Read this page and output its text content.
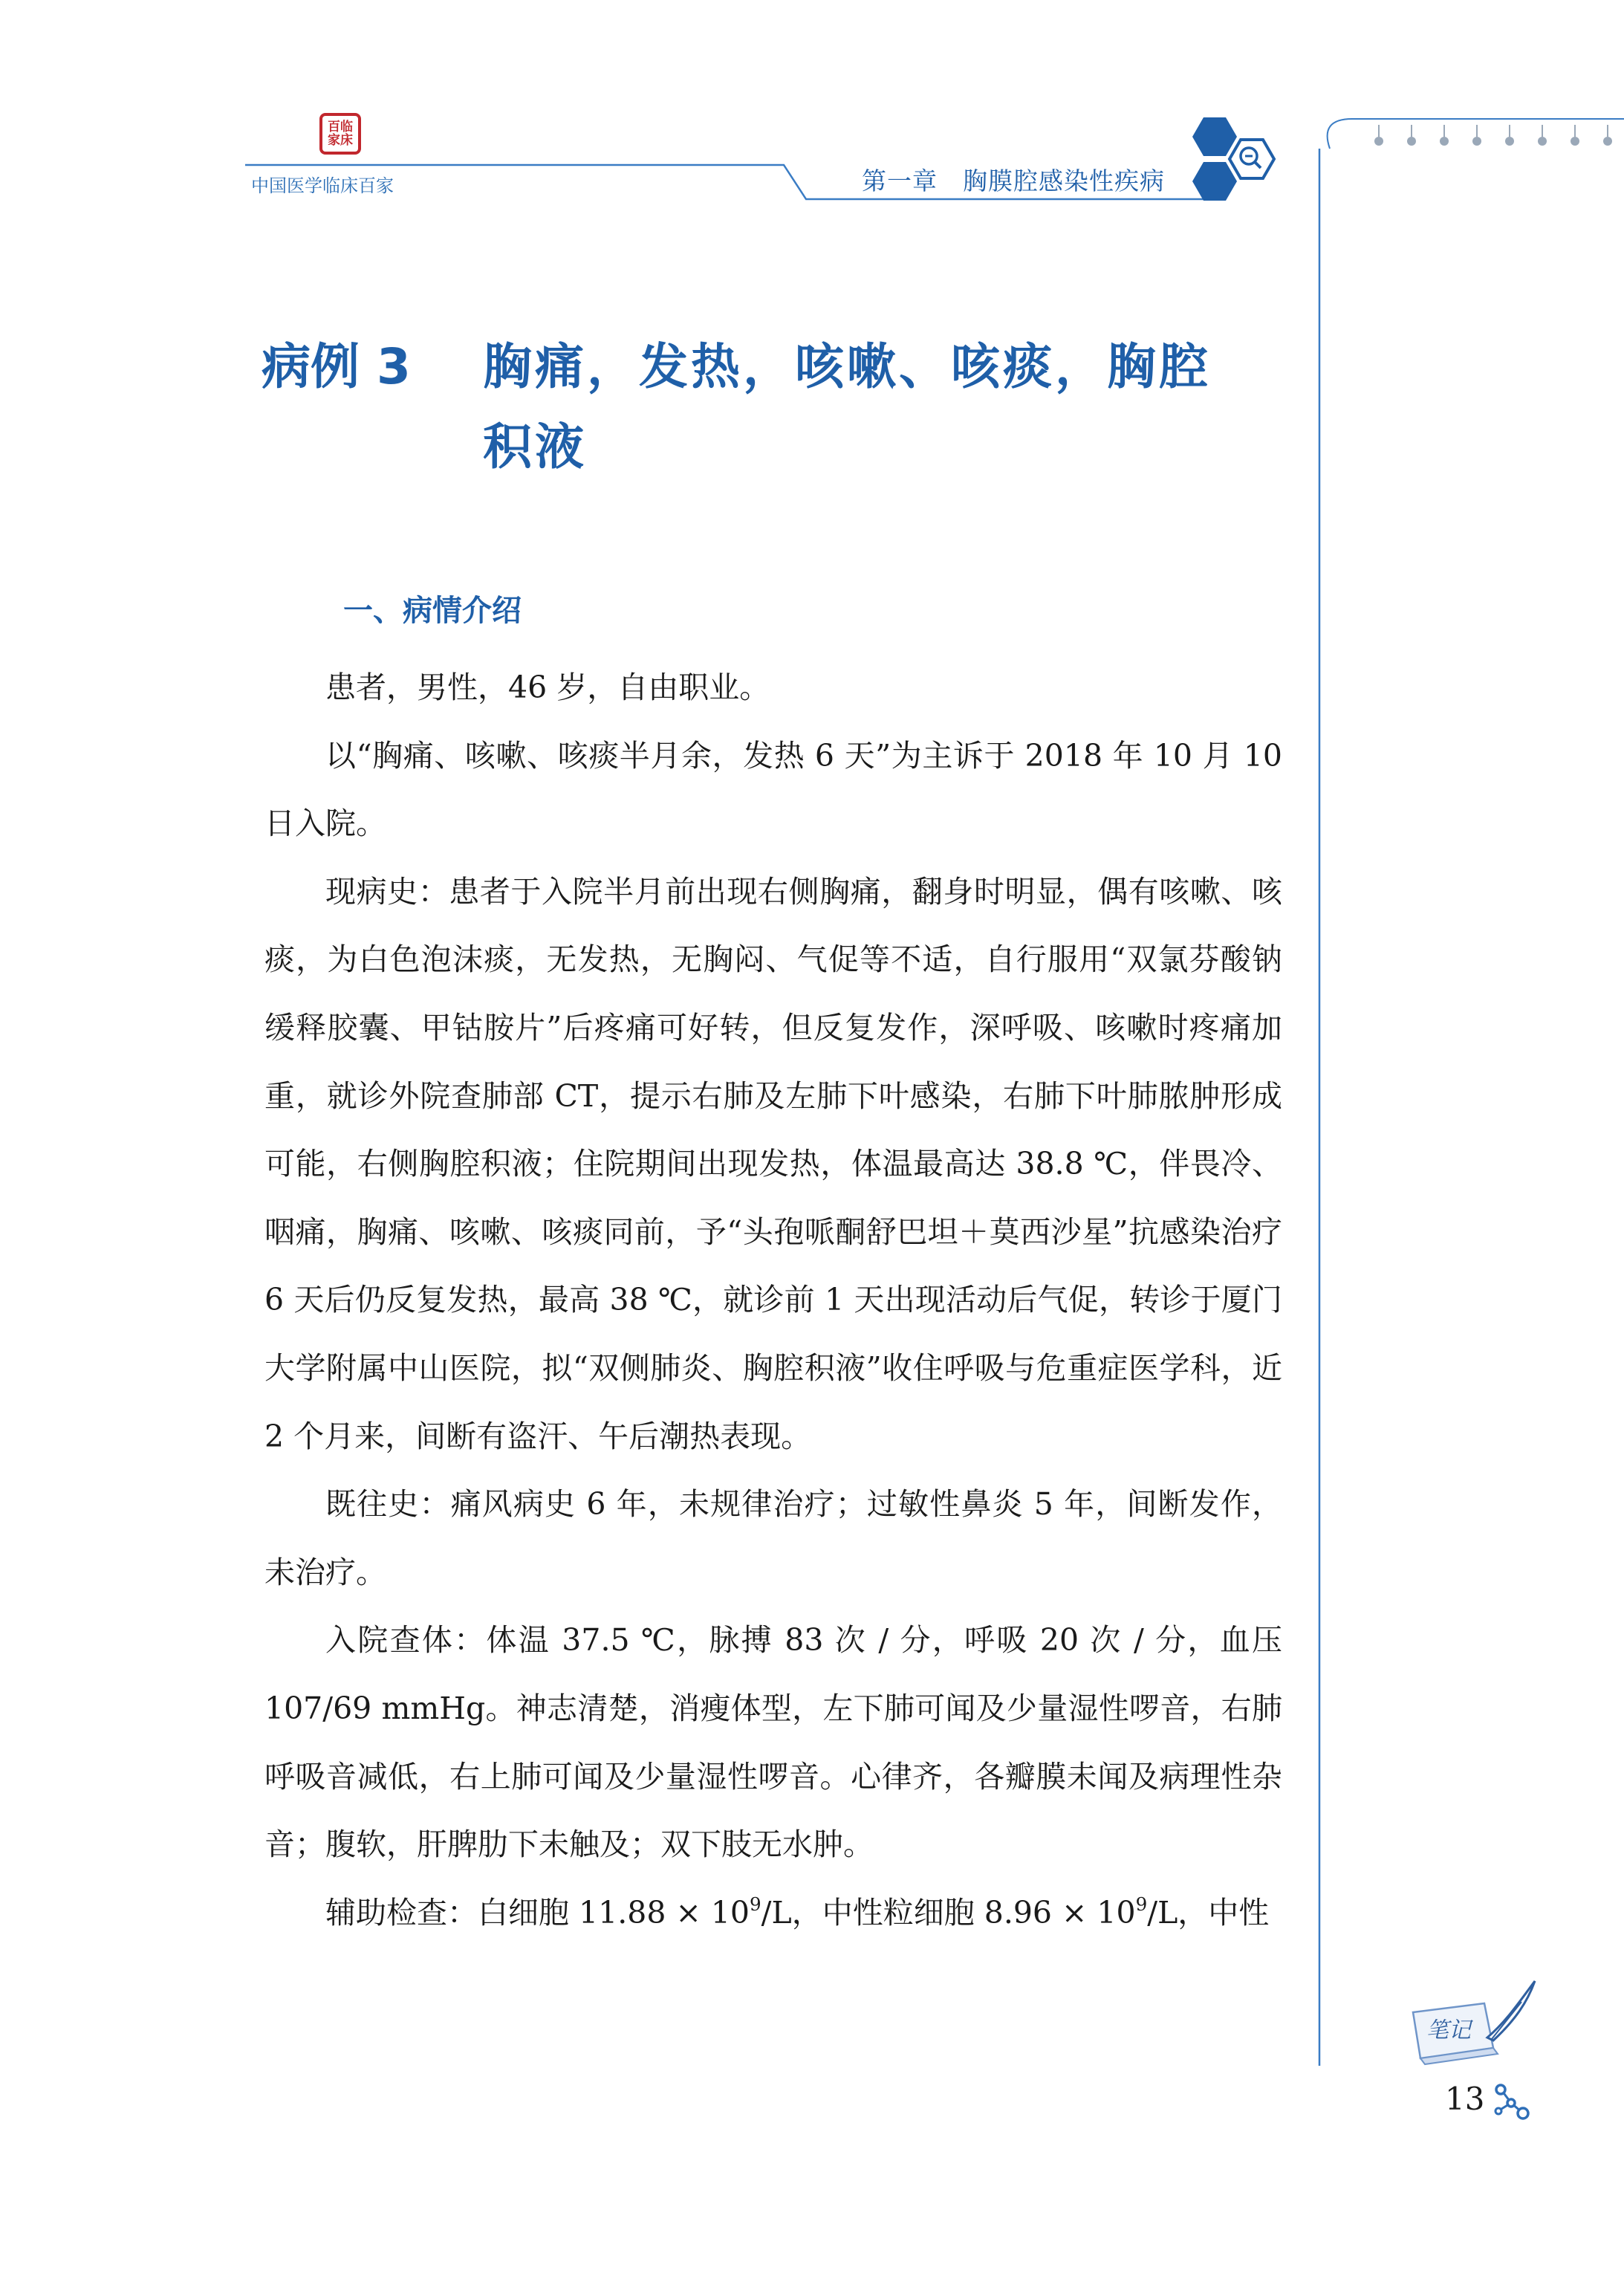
百临家床
中国医学临床百家	第一章　胸膜腔感染性疾病
病例 3 胸痛，发热，咳嗽、咳痰，胸腔
积液
一、病情介绍

患者，男性，46 岁，自由职业。

以“胸痛、咳嗽、咳痰半月余，发热 6 天”为主诉于 2018 年 10 月 10 日入院。

现病史：患者于入院半月前出现右侧胸痛，翻身时明显，偶有咳嗽、咳痰，为白色泡沫痰，无发热，无胸闷、气促等不适，自行服用“双氯芬酸钠缓释胶囊、甲钴胺片”后疼痛可好转，但反复发作，深呼吸、咳嗽时疼痛加重，就诊外院查肺部 CT，提示右肺及左肺下叶感染，右肺下叶肺脓肿形成可能，右侧胸腔积液；住院期间出现发热，体温最高达 38.8 ℃，伴畏冷、咽痛，胸痛、咳嗽、咳痰同前，予“头孢哌酮舒巴坦＋莫西沙星”抗感染治疗 6 天后仍反复发热，最高 38 ℃，就诊前 1 天出现活动后气促，转诊于厦门大学附属中山医院，拟“双侧肺炎、胸腔积液”收住呼吸与危重症医学科，近 2 个月来，间断有盗汗、午后潮热表现。

既往史：痛风病史 6 年，未规律治疗；过敏性鼻炎 5 年，间断发作，未治疗。

入院查体：体温 37.5 ℃，脉搏 83 次 / 分，呼吸 20 次 / 分，血压 107/69 mmHg。神志清楚，消瘦体型，左下肺可闻及少量湿性啰音，右肺呼吸音减低，右上肺可闻及少量湿性啰音。心律齐，各瓣膜未闻及病理性杂音；腹软，肝脾肋下未触及；双下肢无水肿。

辅助检查：白细胞 $11.88 \times 10^9/L$，中性粒细胞 $8.96 \times 10^9/L$，中性

笔记
13
